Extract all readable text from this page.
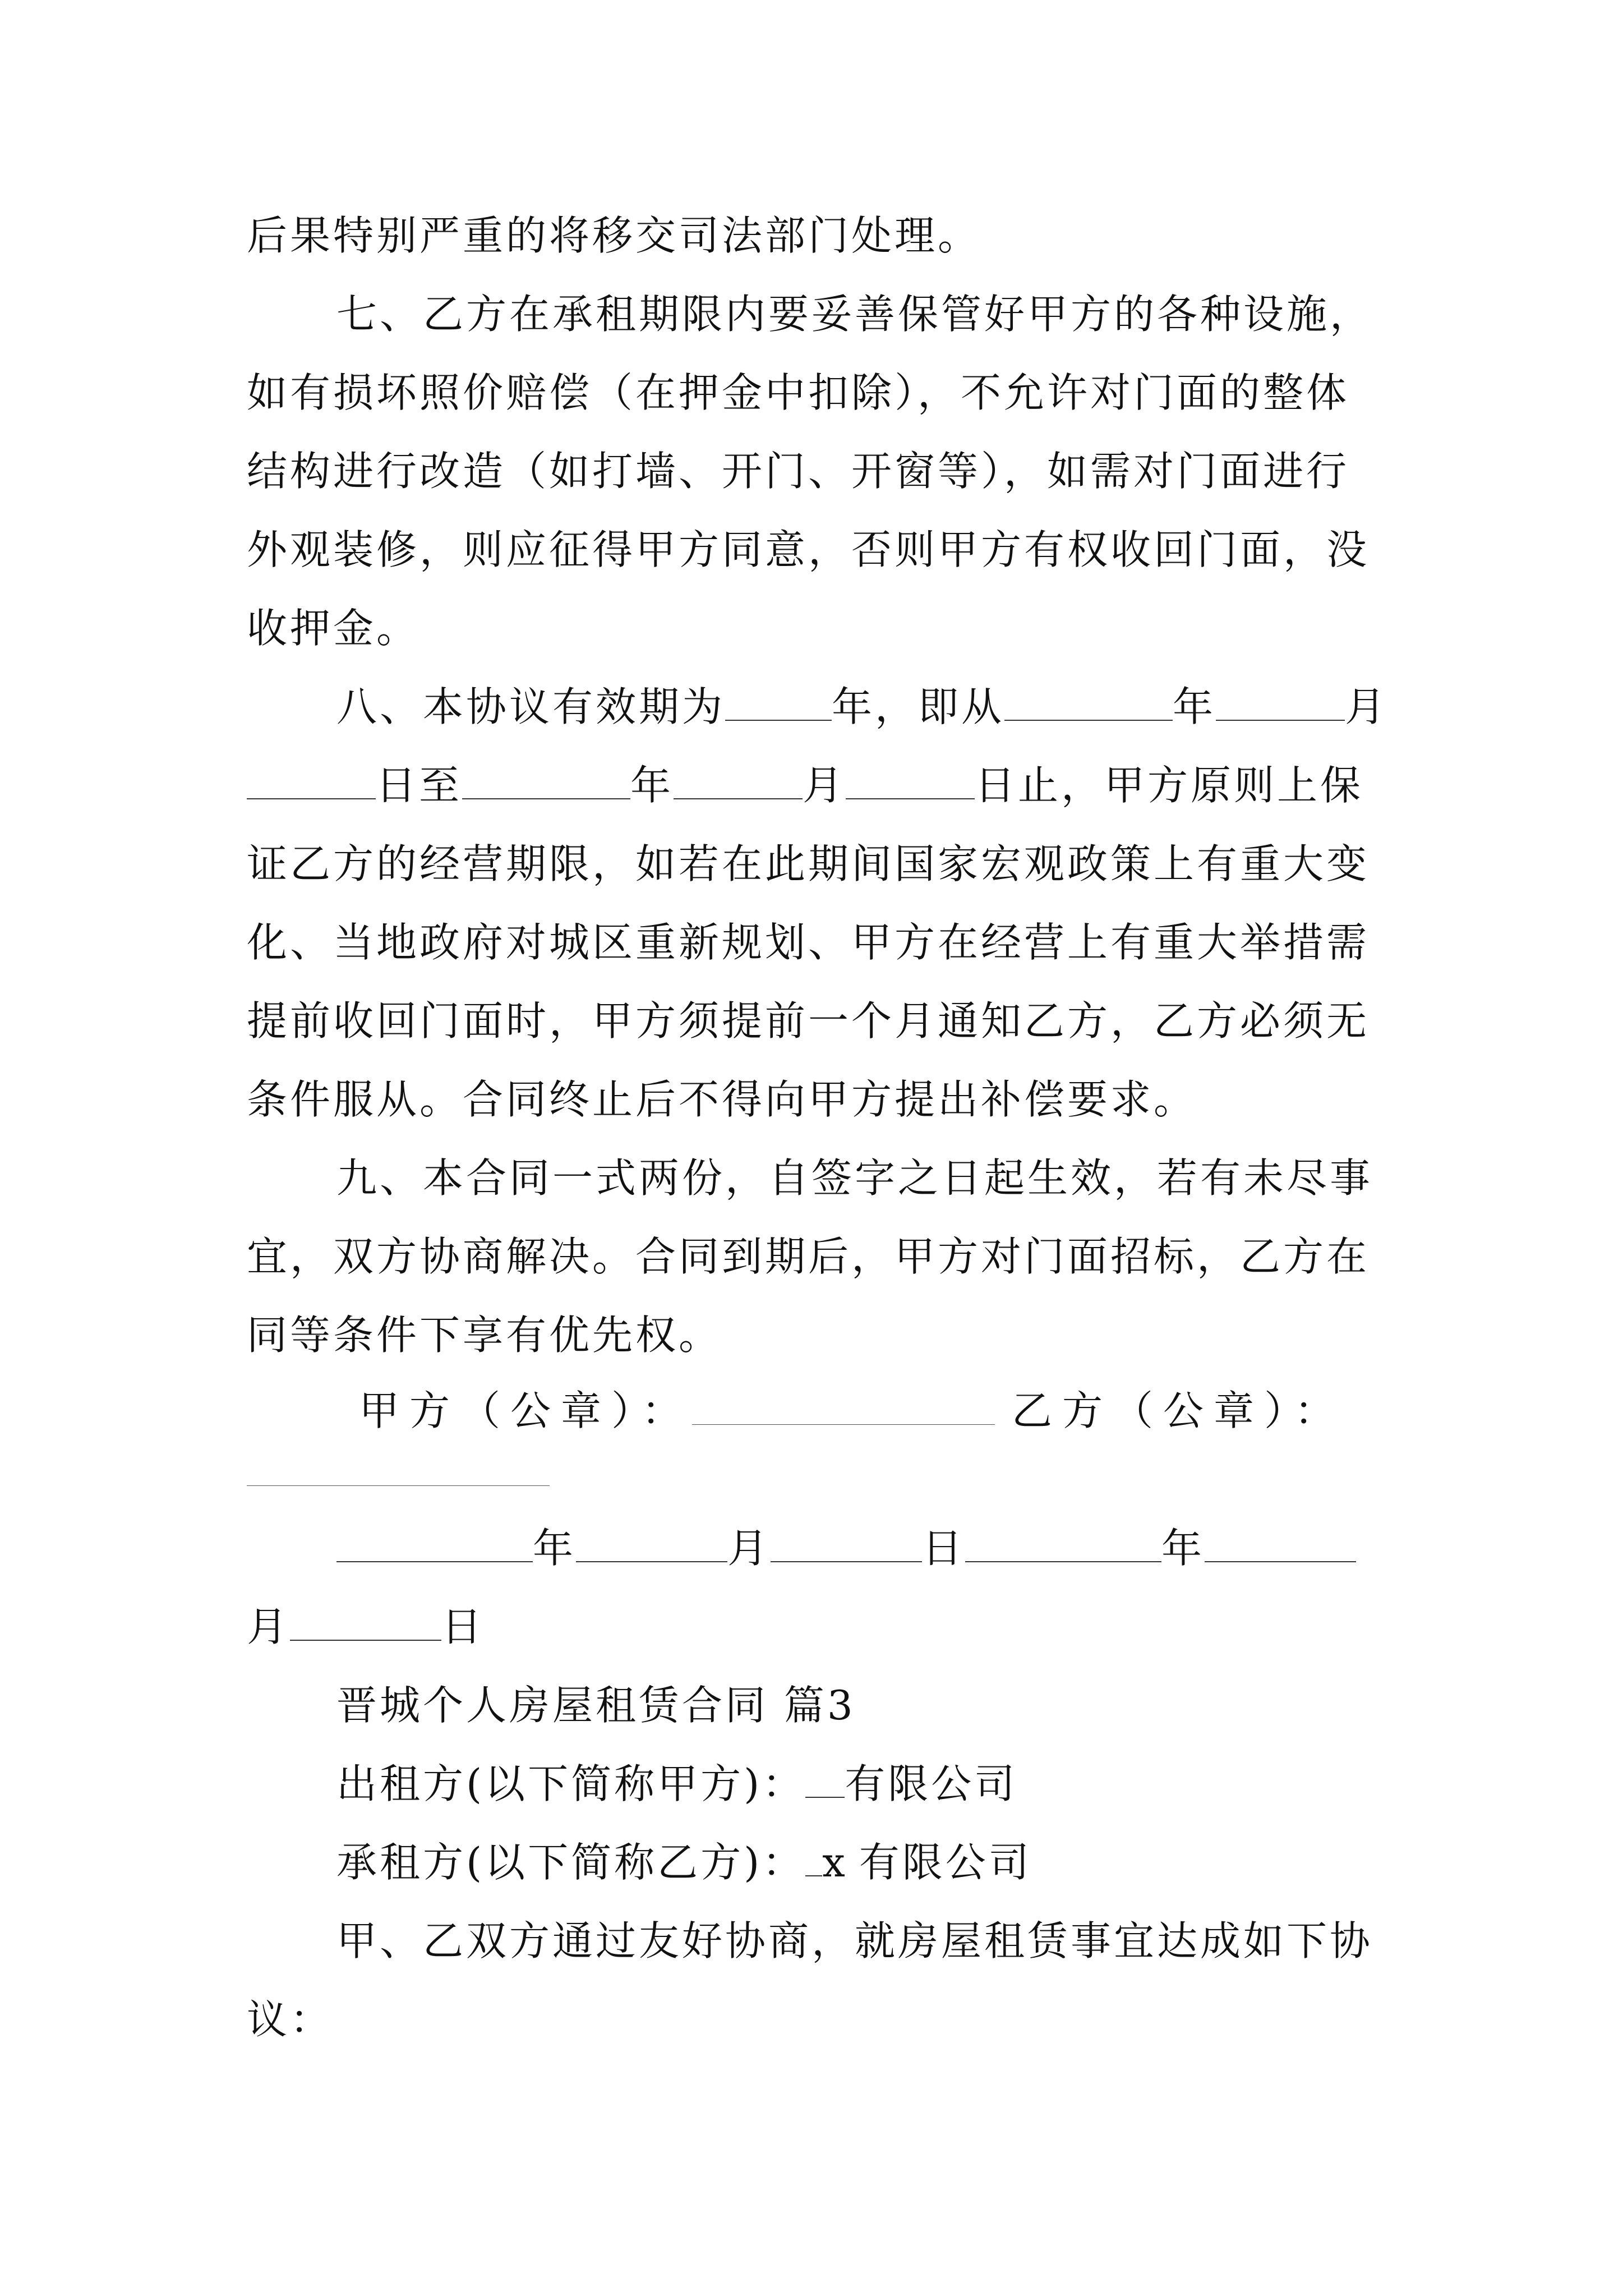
后果特别严重的将移交司法部门处理。
七、乙方在承租期限内要妥善保管好甲方的各种设施，
如有损坏照价赔偿（在押金中扣除），不允许对门面的整体
结构进行改造（如打墙、开门、开窗等），如需对门面进行
外观装修，则应征得甲方同意，否则甲方有权收回门面，没
收押金。
八、本协议有效期为	年，即从	年	月
日至	年	月	日止，甲方原则上保
证乙方的经营期限，如若在此期间国家宏观政策上有重大变
化、当地政府对城区重新规划、甲方在经营上有重大举措需
提前收回门面时，甲方须提前一个月通知乙方，乙方必须无
条件服从。合同终止后不得向甲方提出补偿要求。
九、本合同一式两份，自签字之日起生效，若有未尽事
宜，双方协商解决。合同到期后，甲方对门面招标，乙方在
同等条件下享有优先权。
甲方（公章）：	乙方（公章）：
年	月	日	年
月	日
晋城个人房屋租赁合同 篇3
出租方(以下简称甲方)： 有限公司
承租方(以下简称乙方)： x 有限公司
甲、乙双方通过友好协商，就房屋租赁事宜达成如下协
议：
